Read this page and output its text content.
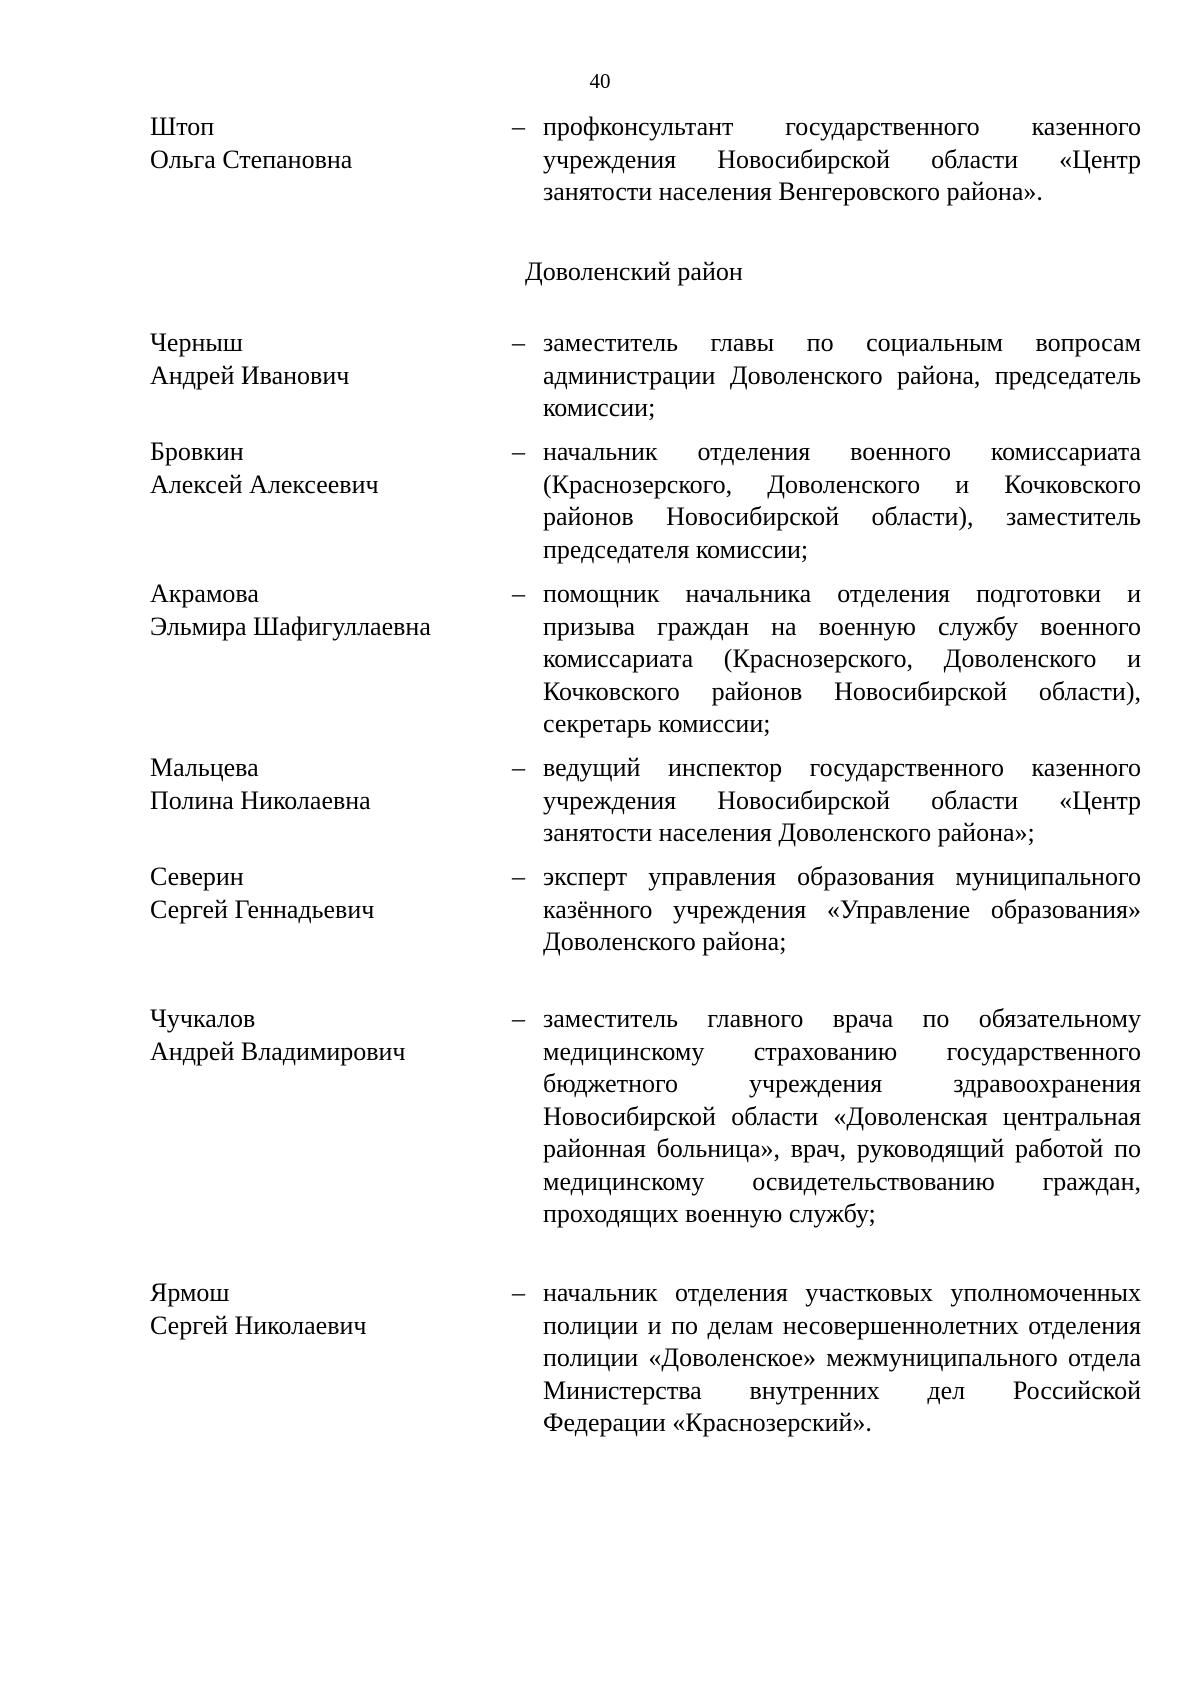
40
Штоп
Ольга Степановна
– профконсультант государственного казенного учреждения Новосибирской области «Центр занятости населения Венгеровского района».
Доволенский район
Черныш
Андрей Иванович
– заместитель главы по социальным вопросам администрации Доволенского района, председатель комиссии;
Бровкин
Алексей Алексеевич
– начальник отделения военного комиссариата (Краснозерского, Доволенского и Кочковского районов Новосибирской области), заместитель председателя комиссии;
Акрамова
Эльмира Шафигуллаевна
– помощник начальника отделения подготовки и призыва граждан на военную службу военного комиссариата (Краснозерского, Доволенского и Кочковского районов Новосибирской области), секретарь комиссии;
Мальцева
Полина Николаевна
– ведущий инспектор государственного казенного учреждения Новосибирской области «Центр занятости населения Доволенского района»;
Северин
Сергей Геннадьевич
– эксперт управления образования муниципального казённого учреждения «Управление образования» Доволенского района;
Чучкалов
Андрей Владимирович
– заместитель главного врача по обязательному медицинскому страхованию государственного бюджетного учреждения здравоохранения Новосибирской области «Доволенская центральная районная больница», врач, руководящий работой по медицинскому освидетельствованию граждан, проходящих военную службу;
Ярмош
Сергей Николаевич
– начальник отделения участковых уполномоченных полиции и по делам несовершеннолетних отделения полиции «Доволенское» межмуниципального отдела Министерства внутренних дел Российской Федерации «Краснозерский».
